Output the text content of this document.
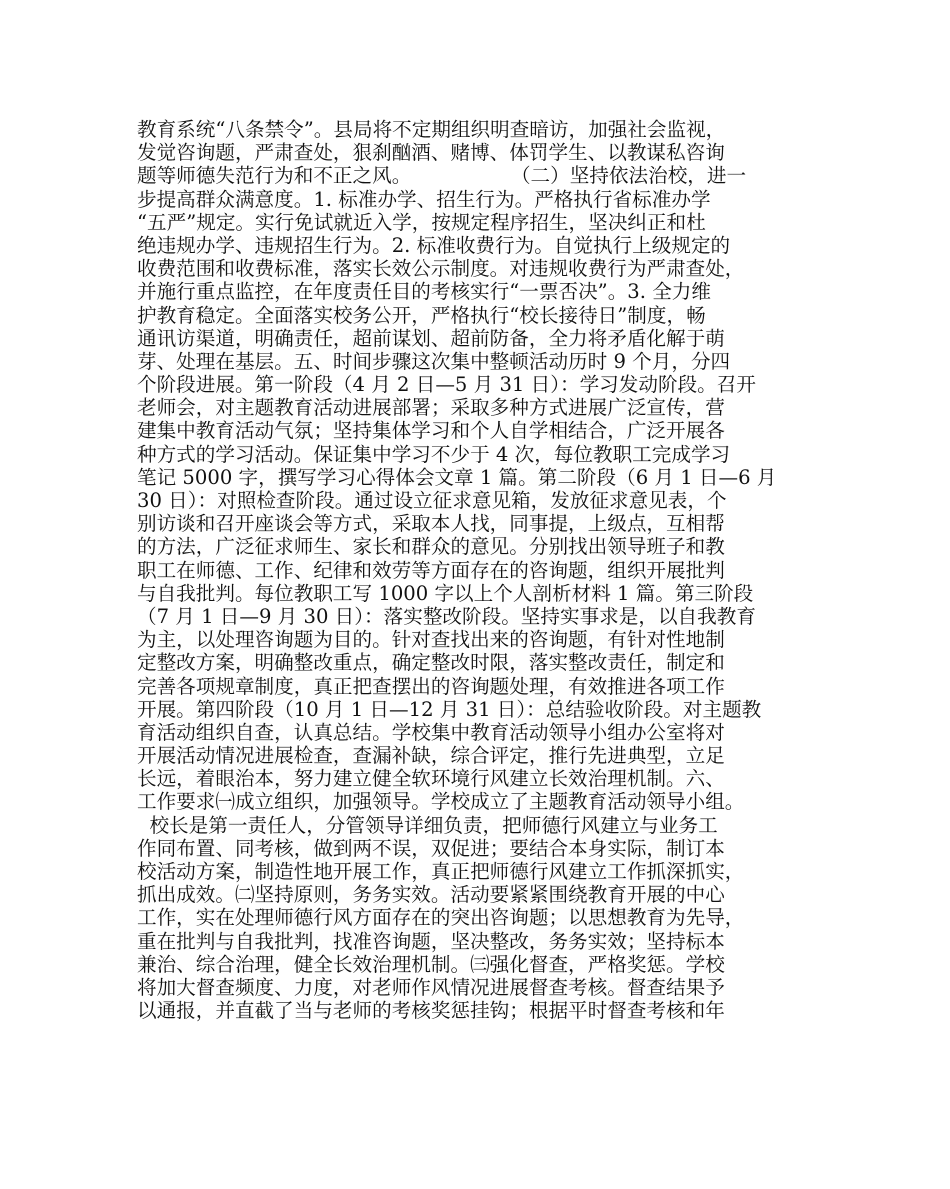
教育系统“八条禁令”。县局将不定期组织明查暗访，加强社会监视，
发觉咨询题，严肃查处，狠刹酗酒、赌博、体罚学生、以教谋私咨询
题等师德失范行为和不正之风。                （二）坚持依法治校，进一
步提高群众满意度。1. 标准办学、招生行为。严格执行省标准办学
“五严”规定。实行免试就近入学，按规定程序招生，坚决纠正和杜
绝违规办学、违规招生行为。2. 标准收费行为。自觉执行上级规定的
收费范围和收费标准，落实长效公示制度。对违规收费行为严肃查处，
并施行重点监控，在年度责任目的考核实行“一票否决”。3. 全力维
护教育稳定。全面落实校务公开，严格执行“校长接待日”制度，畅
通讯访渠道，明确责任，超前谋划、超前防备，全力将矛盾化解于萌
芽、处理在基层。五、时间步骤这次集中整顿活动历时 9 个月，分四
个阶段进展。第一阶段（4 月 2 日—5 月 31 日）：学习发动阶段。召开
老师会，对主题教育活动进展部署；采取多种方式进展广泛宣传，营
建集中教育活动气氛；坚持集体学习和个人自学相结合，广泛开展各
种方式的学习活动。保证集中学习不少于 4 次，每位教职工完成学习
笔记 5000 字，撰写学习心得体会文章 1 篇。第二阶段（6 月 1 日—6 月
30 日）：对照检查阶段。通过设立征求意见箱，发放征求意见表，个
别访谈和召开座谈会等方式，采取本人找，同事提，上级点，互相帮
的方法，广泛征求师生、家长和群众的意见。分别找出领导班子和教
职工在师德、工作、纪律和效劳等方面存在的咨询题，组织开展批判
与自我批判。每位教职工写 1000 字以上个人剖析材料 1 篇。第三阶段
（7 月 1 日—9 月 30 日）：落实整改阶段。坚持实事求是，以自我教育
为主，以处理咨询题为目的。针对查找出来的咨询题，有针对性地制
定整改方案，明确整改重点，确定整改时限，落实整改责任，制定和
完善各项规章制度，真正把查摆出的咨询题处理，有效推进各项工作
开展。第四阶段（10 月 1 日—12 月 31 日）：总结验收阶段。对主题教
育活动组织自查，认真总结。学校集中教育活动领导小组办公室将对
开展活动情况进展检查，查漏补缺，综合评定，推行先进典型，立足
长远，着眼治本，努力建立健全软环境行风建立长效治理机制。六、
工作要求㈠成立组织，加强领导。学校成立了主题教育活动领导小组。
校长是第一责任人，分管领导详细负责，把师德行风建立与业务工
作同布置、同考核，做到两不误，双促进；要结合本身实际，制订本
校活动方案，制造性地开展工作，真正把师德行风建立工作抓深抓实，
抓出成效。㈡坚持原则，务务实效。活动要紧紧围绕教育开展的中心
工作，实在处理师德行风方面存在的突出咨询题；以思想教育为先导，
重在批判与自我批判，找准咨询题，坚决整改，务务实效；坚持标本
兼治、综合治理，健全长效治理机制。㈢强化督查，严格奖惩。学校
将加大督查频度、力度，对老师作风情况进展督查考核。督查结果予
以通报，并直截了当与老师的考核奖惩挂钩；根据平时督查考核和年
